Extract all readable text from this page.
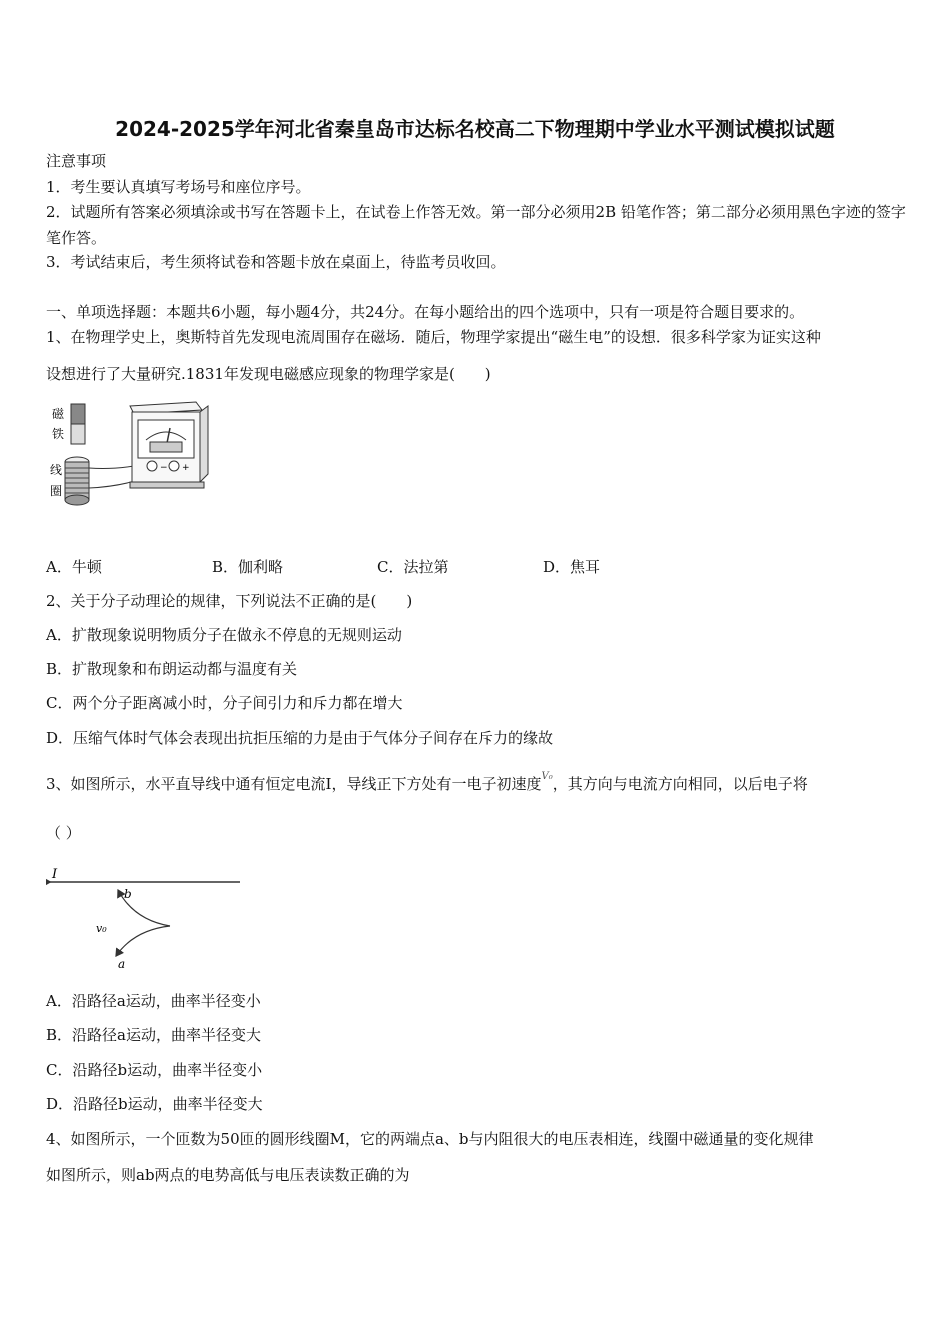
2024-2025学年河北省秦皇岛市达标名校高二下物理期中学业水平测试模拟试题
注意事项
1．考生要认真填写考场号和座位序号。
2．试题所有答案必须填涂或书写在答题卡上，在试卷上作答无效。第一部分必须用2B 铅笔作答；第二部分必须用黑色字迹的签字笔作答。
3．考试结束后，考生须将试卷和答题卡放在桌面上，待监考员收回。
一、单项选择题：本题共6小题，每小题4分，共24分。在每小题给出的四个选项中，只有一项是符合题目要求的。
1、在物理学史上，奥斯特首先发现电流周围存在磁场．随后，物理学家提出“磁生电”的设想．很多科学家为证实这种
设想进行了大量研究.1831年发现电磁感应现象的物理学家是(　　)
磁
铁
线
圈
− +
A．牛顿	B．伽利略	C．法拉第	D．焦耳
2、关于分子动理论的规律，下列说法不正确的是(　　)
A．扩散现象说明物质分子在做永不停息的无规则运动
B．扩散现象和布朗运动都与温度有关
C．两个分子距离减小时，分子间引力和斥力都在增大
D．压缩气体时气体会表现出抗拒压缩的力是由于气体分子间存在斥力的缘故
3、如图所示，水平直导线中通有恒定电流I，导线正下方处有一电子初速度$^{V_0}$，其方向与电流方向相同，以后电子将
（ ）
I
b
v₀
a
A．沿路径a运动，曲率半径变小
B．沿路径a运动，曲率半径变大
C．沿路径b运动，曲率半径变小
D．沿路径b运动，曲率半径变大
4、如图所示，一个匝数为50匝的圆形线圈M，它的两端点a、b与内阻很大的电压表相连，线圈中磁通量的变化规律
如图所示，则ab两点的电势高低与电压表读数正确的为
